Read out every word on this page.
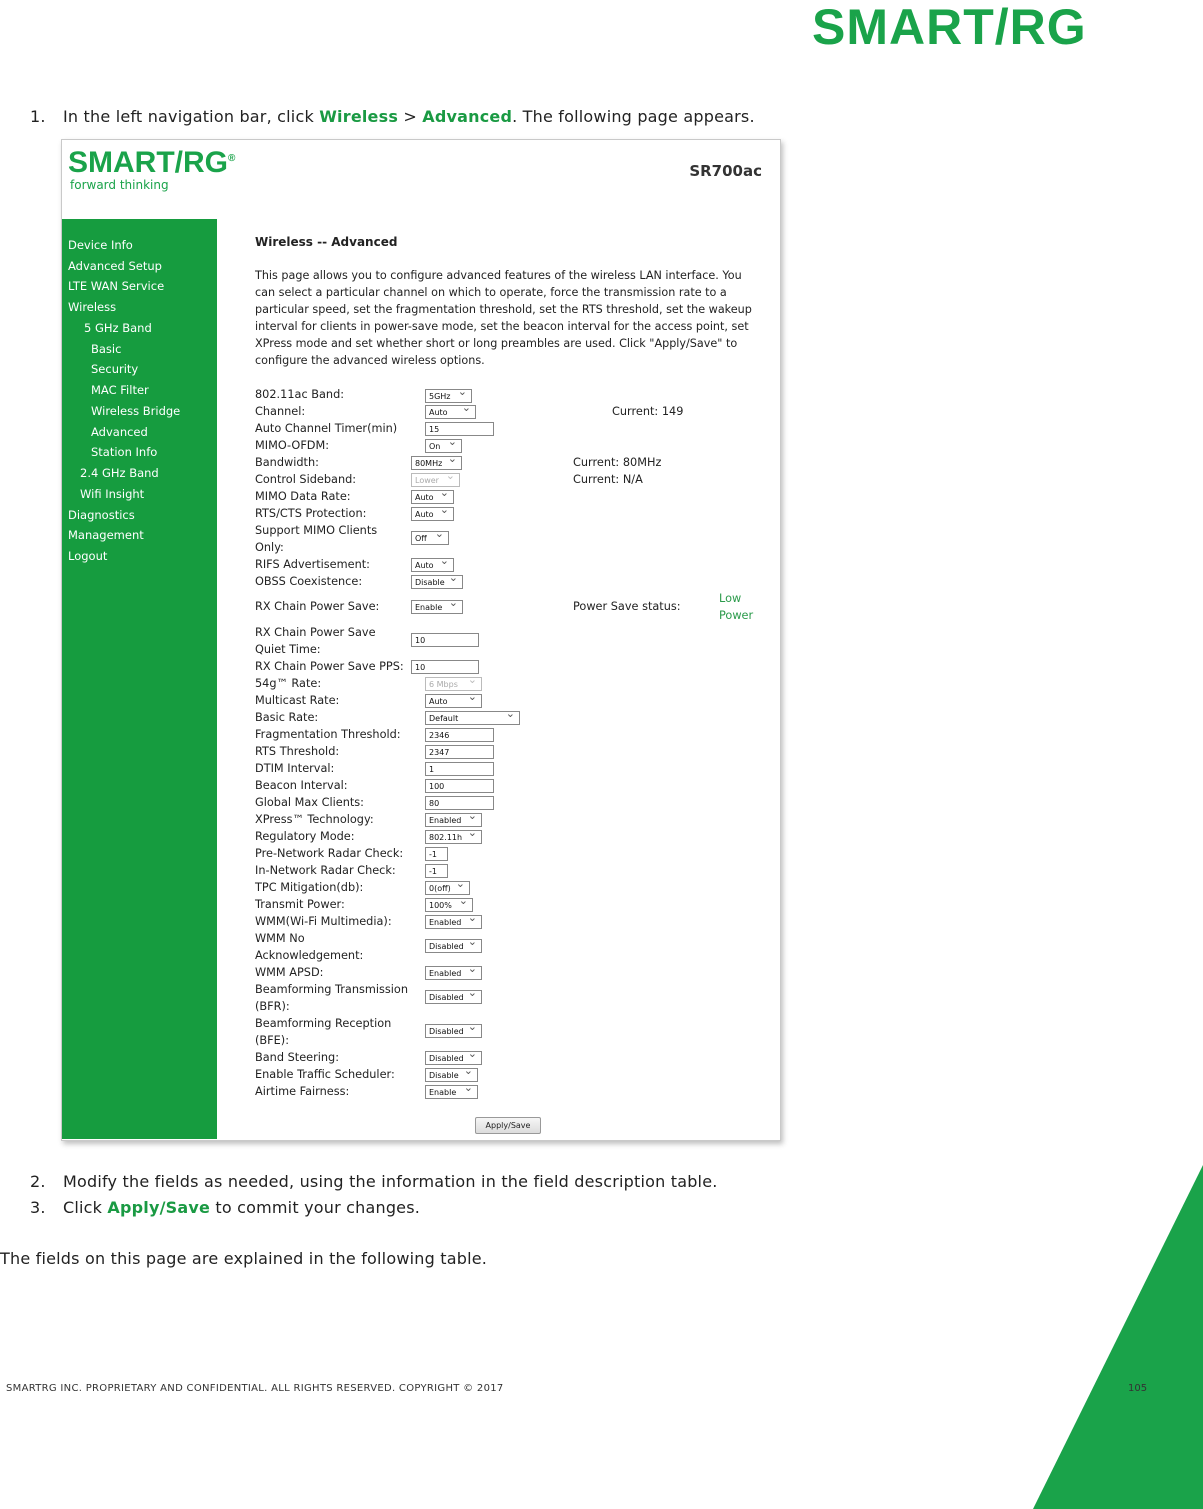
SMART/RG
1. In the left navigation bar, click Wireless > Advanced. The following page appears.
SMART/RG®
forward thinking
SR700ac
Device Info
Advanced Setup
LTE WAN Service
Wireless
5 GHz Band
Basic
Security
MAC Filter
Wireless Bridge
Advanced
Station Info
2.4 GHz Band
Wifi Insight
Diagnostics
Management
Logout
Wireless -- Advanced
This page allows you to configure advanced features of the wireless LAN interface. You can select a particular channel on which to operate, force the transmission rate to a particular speed, set the fragmentation threshold, set the RTS threshold, set the wakeup interval for clients in power-save mode, set the beacon interval for the access point, set XPress mode and set whether short or long preambles are used. Click "Apply/Save" to configure the advanced wireless options.
802.11ac Band:
Channel:
Auto Channel Timer(min)
MIMO-OFDM:
Bandwidth:
Control Sideband:
MIMO Data Rate:
RTS/CTS Protection:
Support MIMO Clients
Only:
RIFS Advertisement:
OBSS Coexistence:
RX Chain Power Save:
RX Chain Power Save
Quiet Time:
RX Chain Power Save PPS:
54g™ Rate:
Multicast Rate:
Basic Rate:
Fragmentation Threshold:
RTS Threshold:
DTIM Interval:
Beacon Interval:
Global Max Clients:
XPress™ Technology:
Regulatory Mode:
Pre-Network Radar Check:
In-Network Radar Check:
TPC Mitigation(db):
Transmit Power:
WMM(Wi-Fi Multimedia):
WMM No
Acknowledgement:
WMM APSD:
Beamforming Transmission
(BFR):
Beamforming Reception
(BFE):
Band Steering:
Enable Traffic Scheduler:
Airtime Fairness:
5GHz ⌄
Auto ⌄
15
On ⌄
80MHz ⌄
Lower ⌄
Auto ⌄
Auto ⌄
Off ⌄
Auto ⌄
Disable ⌄
Enable ⌄
10
10
6 Mbps ⌄
Auto ⌄
Default ⌄
2346
2347
1
100
80
Enabled ⌄
802.11h ⌄
-1
-1
0(off) ⌄
100% ⌄
Enabled ⌄
Disabled ⌄
Enabled ⌄
Disabled ⌄
Disabled ⌄
Disabled ⌄
Disable ⌄
Enable ⌄
Current: 149
Current: 80MHz
Current: N/A
Power Save status:
Low
Power
Apply/Save
2. Modify the fields as needed, using the information in the field description table.
3. Click Apply/Save to commit your changes.
The fields on this page are explained in the following table.
SMARTRG INC. PROPRIETARY AND CONFIDENTIAL. ALL RIGHTS RESERVED. COPYRIGHT © 2017	105
